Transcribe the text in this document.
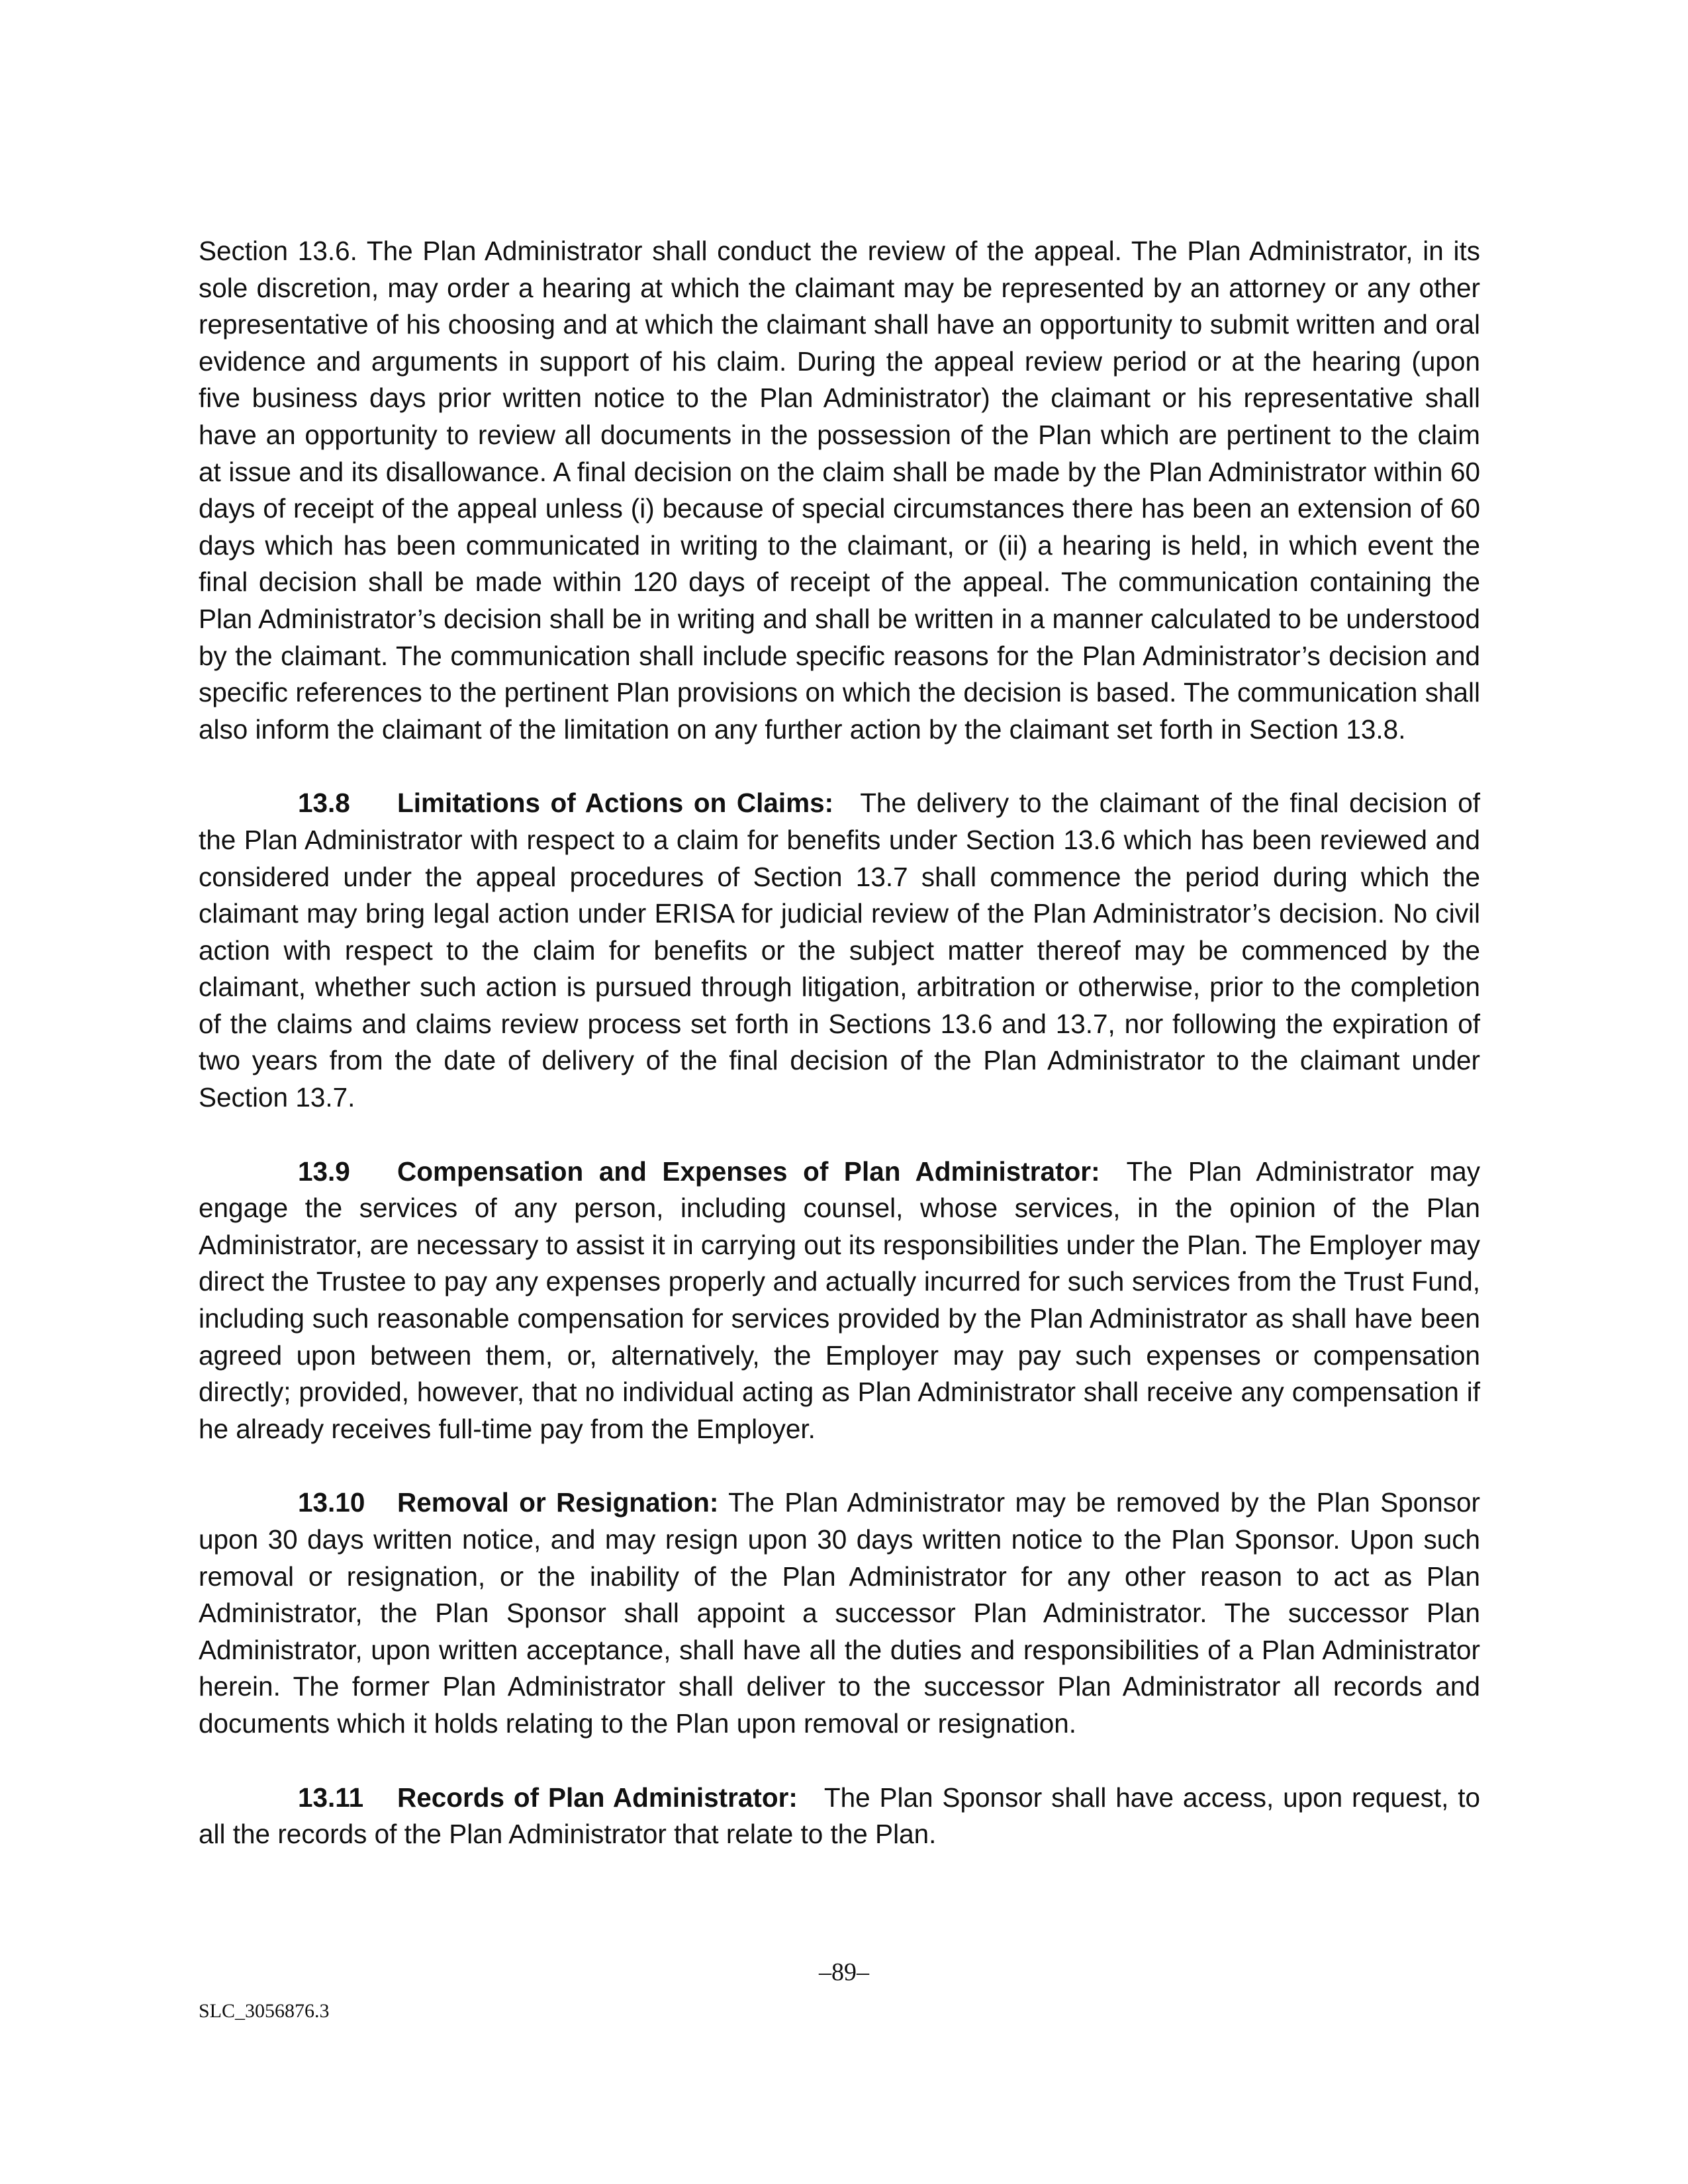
Section 13.6. The Plan Administrator shall conduct the review of the appeal. The Plan Administrator, in its sole discretion, may order a hearing at which the claimant may be represented by an attorney or any other representative of his choosing and at which the claimant shall have an opportunity to submit written and oral evidence and arguments in support of his claim. During the appeal review period or at the hearing (upon five business days prior written notice to the Plan Administrator) the claimant or his representative shall have an opportunity to review all documents in the possession of the Plan which are pertinent to the claim at issue and its disallowance. A final decision on the claim shall be made by the Plan Administrator within 60 days of receipt of the appeal unless (i) because of special circumstances there has been an extension of 60 days which has been communicated in writing to the claimant, or (ii) a hearing is held, in which event the final decision shall be made within 120 days of receipt of the appeal. The communication containing the Plan Administrator’s decision shall be in writing and shall be written in a manner calculated to be understood by the claimant. The communication shall include specific reasons for the Plan Administrator’s decision and specific references to the pertinent Plan provisions on which the decision is based. The communication shall also inform the claimant of the limitation on any further action by the claimant set forth in Section 13.8.

13.8 Limitations of Actions on Claims: The delivery to the claimant of the final decision of the Plan Administrator with respect to a claim for benefits under Section 13.6 which has been reviewed and considered under the appeal procedures of Section 13.7 shall commence the period during which the claimant may bring legal action under ERISA for judicial review of the Plan Administrator’s decision. No civil action with respect to the claim for benefits or the subject matter thereof may be commenced by the claimant, whether such action is pursued through litigation, arbitration or otherwise, prior to the completion of the claims and claims review process set forth in Sections 13.6 and 13.7, nor following the expiration of two years from the date of delivery of the final decision of the Plan Administrator to the claimant under Section 13.7.

13.9 Compensation and Expenses of Plan Administrator: The Plan Administrator may engage the services of any person, including counsel, whose services, in the opinion of the Plan Administrator, are necessary to assist it in carrying out its responsibilities under the Plan. The Employer may direct the Trustee to pay any expenses properly and actually incurred for such services from the Trust Fund, including such reasonable compensation for services provided by the Plan Administrator as shall have been agreed upon between them, or, alternatively, the Employer may pay such expenses or compensation directly; provided, however, that no individual acting as Plan Administrator shall receive any compensation if he already receives full-time pay from the Employer.

13.10 Removal or Resignation: The Plan Administrator may be removed by the Plan Sponsor upon 30 days written notice, and may resign upon 30 days written notice to the Plan Sponsor. Upon such removal or resignation, or the inability of the Plan Administrator for any other reason to act as Plan Administrator, the Plan Sponsor shall appoint a successor Plan Administrator. The successor Plan Administrator, upon written acceptance, shall have all the duties and responsibilities of a Plan Administrator herein. The former Plan Administrator shall deliver to the successor Plan Administrator all records and documents which it holds relating to the Plan upon removal or resignation.

13.11 Records of Plan Administrator: The Plan Sponsor shall have access, upon request, to all the records of the Plan Administrator that relate to the Plan.

–89–
SLC_3056876.3
